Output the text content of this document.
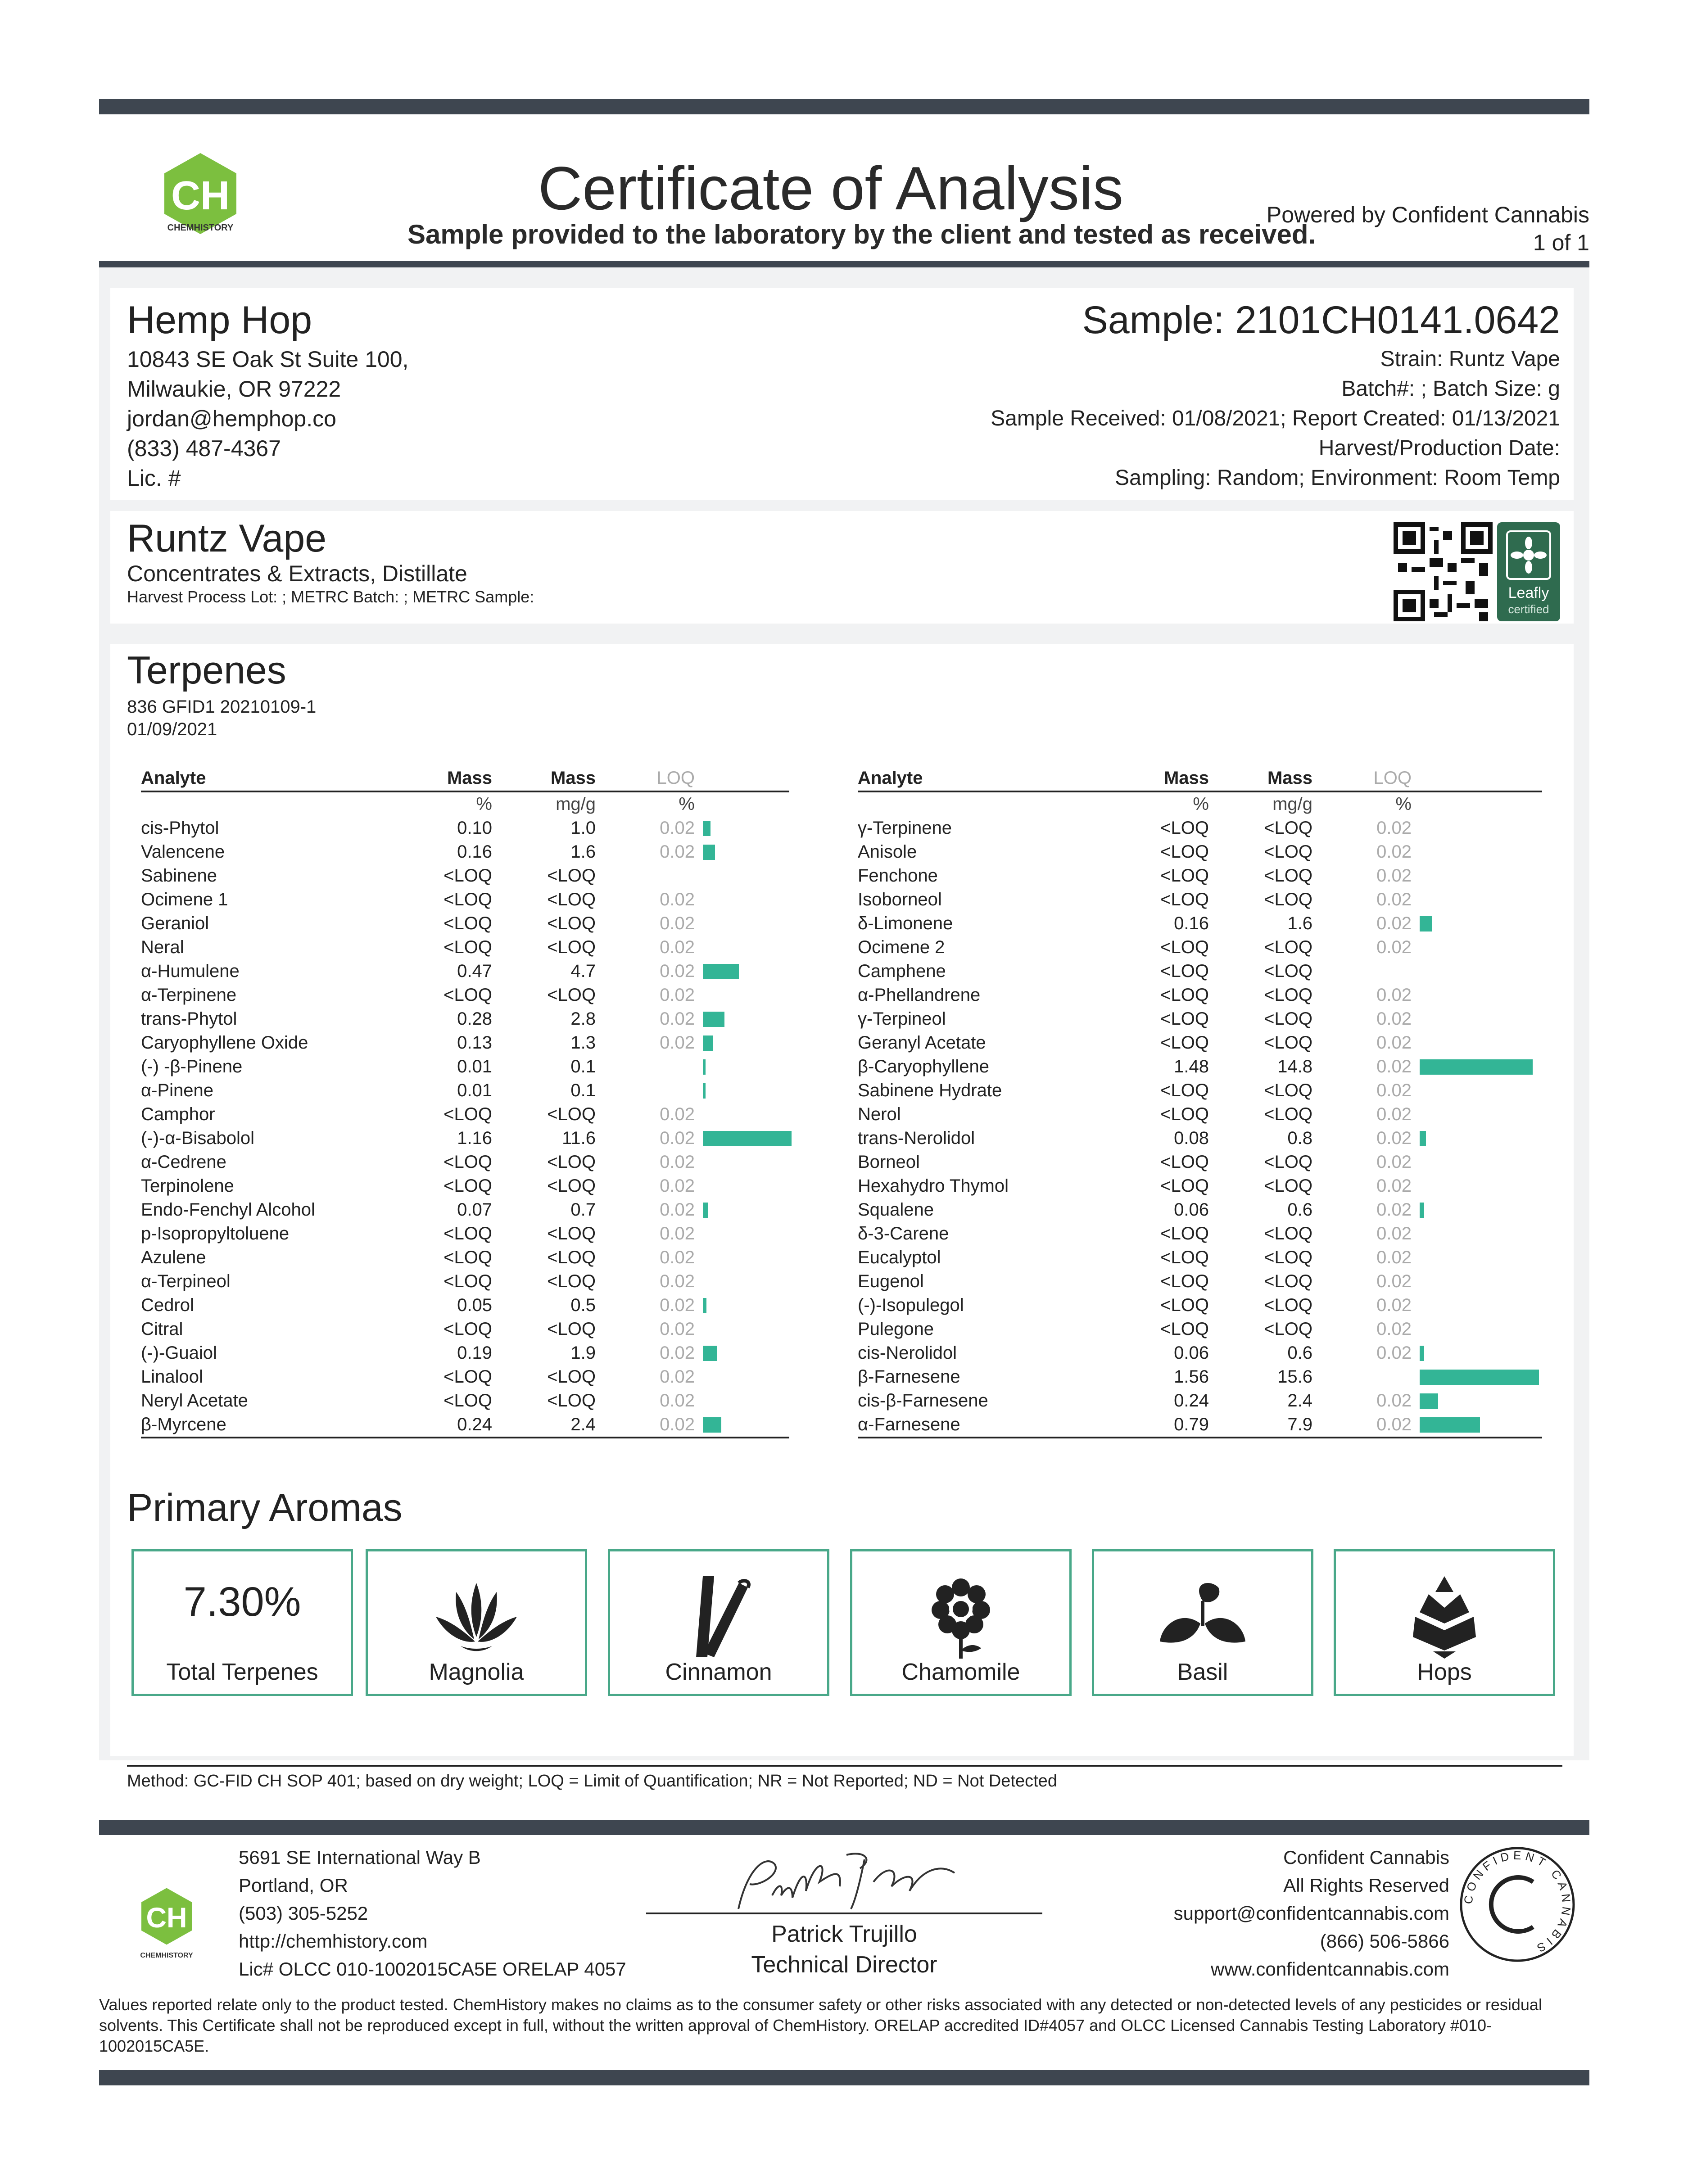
CH
CHEMHISTORY
Certificate of Analysis
Sample provided to the laboratory by the client and tested as received.
Powered by Confident Cannabis
1 of 1
Hemp Hop
10843 SE Oak St Suite 100,
Milwaukie, OR 97222
jordan@hemphop.co
(833) 487-4367
Lic. #
Sample: 2101CH0141.0642
Strain: Runtz Vape
Batch#: ; Batch Size: g
Sample Received: 01/08/2021; Report Created: 01/13/2021
Harvest/Production Date:
Sampling: Random; Environment: Room Temp
Runtz Vape
Concentrates & Extracts, Distillate
Harvest Process Lot: ; METRC Batch: ; METRC Sample:	Leafly
certified
Terpenes
836 GFID1 20210109-1
01/09/2021
Analyte	Mass	Mass	LOQ	
	%	mg/g	%	
cis-Phytol	0.10	1.0	0.02	

Valencene	0.16	1.6	0.02	

Sabinene	<LOQ	<LOQ		
Ocimene 1	<LOQ	<LOQ	0.02	
Geraniol	<LOQ	<LOQ	0.02	
Neral	<LOQ	<LOQ	0.02	
α-Humulene	0.47	4.7	0.02	

α-Terpinene	<LOQ	<LOQ	0.02	
trans-Phytol	0.28	2.8	0.02	

Caryophyllene Oxide	0.13	1.3	0.02	

(-) -β-Pinene	0.01	0.1		

α-Pinene	0.01	0.1		

Camphor	<LOQ	<LOQ	0.02	
(-)-α-Bisabolol	1.16	11.6	0.02	

α-Cedrene	<LOQ	<LOQ	0.02	
Terpinolene	<LOQ	<LOQ	0.02	
Endo-Fenchyl Alcohol	0.07	0.7	0.02	

p-Isopropyltoluene	<LOQ	<LOQ	0.02	
Azulene	<LOQ	<LOQ	0.02	
α-Terpineol	<LOQ	<LOQ	0.02	
Cedrol	0.05	0.5	0.02	

Citral	<LOQ	<LOQ	0.02	
(-)-Guaiol	0.19	1.9	0.02	

Linalool	<LOQ	<LOQ	0.02	
Neryl Acetate	<LOQ	<LOQ	0.02	
β-Myrcene	0.24	2.4	0.02	
Analyte	Mass	Mass	LOQ	
	%	mg/g	%	
γ-Terpinene	<LOQ	<LOQ	0.02	
Anisole	<LOQ	<LOQ	0.02	
Fenchone	<LOQ	<LOQ	0.02	
Isoborneol	<LOQ	<LOQ	0.02	
δ-Limonene	0.16	1.6	0.02	

Ocimene 2	<LOQ	<LOQ	0.02	
Camphene	<LOQ	<LOQ		
α-Phellandrene	<LOQ	<LOQ	0.02	
γ-Terpineol	<LOQ	<LOQ	0.02	
Geranyl Acetate	<LOQ	<LOQ	0.02	
β-Caryophyllene	1.48	14.8	0.02	

Sabinene Hydrate	<LOQ	<LOQ	0.02	
Nerol	<LOQ	<LOQ	0.02	
trans-Nerolidol	0.08	0.8	0.02	

Borneol	<LOQ	<LOQ	0.02	
Hexahydro Thymol	<LOQ	<LOQ	0.02	
Squalene	0.06	0.6	0.02	

δ-3-Carene	<LOQ	<LOQ	0.02	
Eucalyptol	<LOQ	<LOQ	0.02	
Eugenol	<LOQ	<LOQ	0.02	
(-)-Isopulegol	<LOQ	<LOQ	0.02	
Pulegone	<LOQ	<LOQ	0.02	
cis-Nerolidol	0.06	0.6	0.02	

β-Farnesene	1.56	15.6		

cis-β-Farnesene	0.24	2.4	0.02	

α-Farnesene	0.79	7.9	0.02	
Primary Aromas
7.30%
Total Terpenes	Magnolia	Cinnamon	Chamomile	Basil	Hops
Method: GC-FID CH SOP 401; based on dry weight; LOQ = Limit of Quantification; NR = Not Reported; ND = Not Detected
CH
CHEMHISTORY
5691 SE International Way B
Portland, OR
(503) 305-5252
http://chemhistory.com
Lic# OLCC 010-1002015CA5E ORELAP 4057
Patrick Trujillo
Technical Director
Confident Cannabis
All Rights Reserved
support@confidentcannabis.com
(866) 506-5866
www.confidentcannabis.com
CONFIDENT CANNABIS
Values reported relate only to the product tested. ChemHistory makes no claims as to the consumer safety or other risks associated with any detected or non-detected levels of any pesticides or residual solvents. This Certificate shall not be reproduced except in full, without the written approval of ChemHistory. ORELAP accredited ID#4057 and OLCC Licensed Cannabis Testing Laboratory #010-1002015CA5E.
